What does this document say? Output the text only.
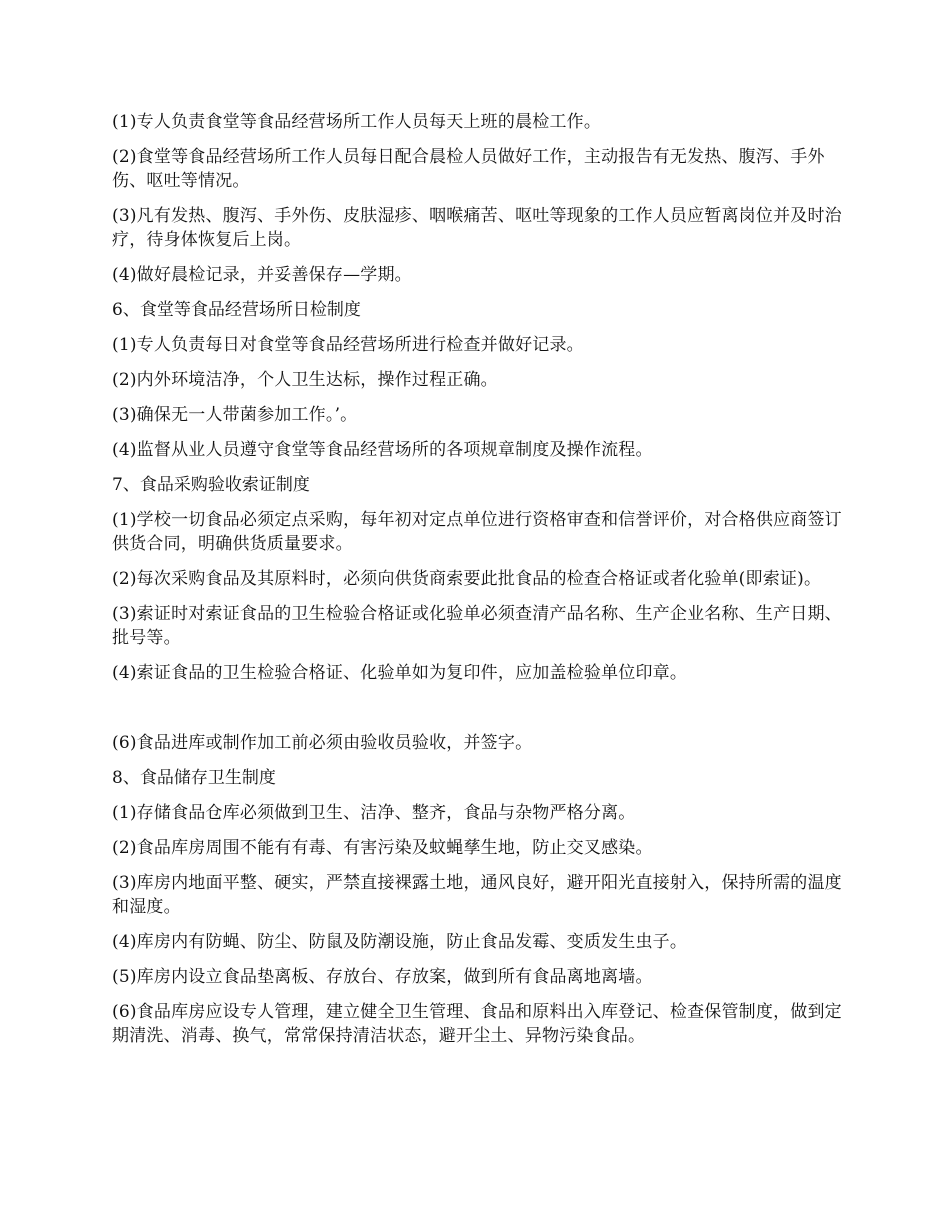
(1)专人负责食堂等食品经营场所工作人员每天上班的晨检工作。

(2)食堂等食品经营场所工作人员每日配合晨检人员做好工作，主动报告有无发热、腹泻、手外伤、呕吐等情况。

(3)凡有发热、腹泻、手外伤、皮肤湿疹、咽喉痛苦、呕吐等现象的工作人员应暂离岗位并及时治疗，待身体恢复后上岗。

(4)做好晨检记录，并妥善保存—学期。

6、食堂等食品经营场所日检制度

(1)专人负责每日对食堂等食品经营场所进行检查并做好记录。

(2)内外环境洁净，个人卫生达标，操作过程正确。

(3)确保无一人带菌参加工作。’。

(4)监督从业人员遵守食堂等食品经营场所的各项规章制度及操作流程。

7、食品采购验收索证制度

(1)学校一切食品必须定点采购，每年初对定点单位进行资格审查和信誉评价，对合格供应商签订供货合同，明确供货质量要求。

(2)每次采购食品及其原料时，必须向供货商索要此批食品的检查合格证或者化验单(即索证)。

(3)索证时对索证食品的卫生检验合格证或化验单必须查清产品名称、生产企业名称、生产日期、批号等。

(4)索证食品的卫生检验合格证、化验单如为复印件，应加盖检验单位印章。

(6)食品进库或制作加工前必须由验收员验收，并签字。

8、食品储存卫生制度

(1)存储食品仓库必须做到卫生、洁净、整齐，食品与杂物严格分离。

(2)食品库房周围不能有有毒、有害污染及蚊蝇孳生地，防止交叉感染。

(3)库房内地面平整、硬实，严禁直接裸露土地，通风良好，避开阳光直接射入，保持所需的温度和湿度。

(4)库房内有防蝇、防尘、防鼠及防潮设施，防止食品发霉、变质发生虫子。

(5)库房内设立食品垫离板、存放台、存放案，做到所有食品离地离墙。

(6)食品库房应设专人管理，建立健全卫生管理、食品和原料出入库登记、检查保管制度，做到定期清洗、消毒、换气，常常保持清洁状态，避开尘土、异物污染食品。
